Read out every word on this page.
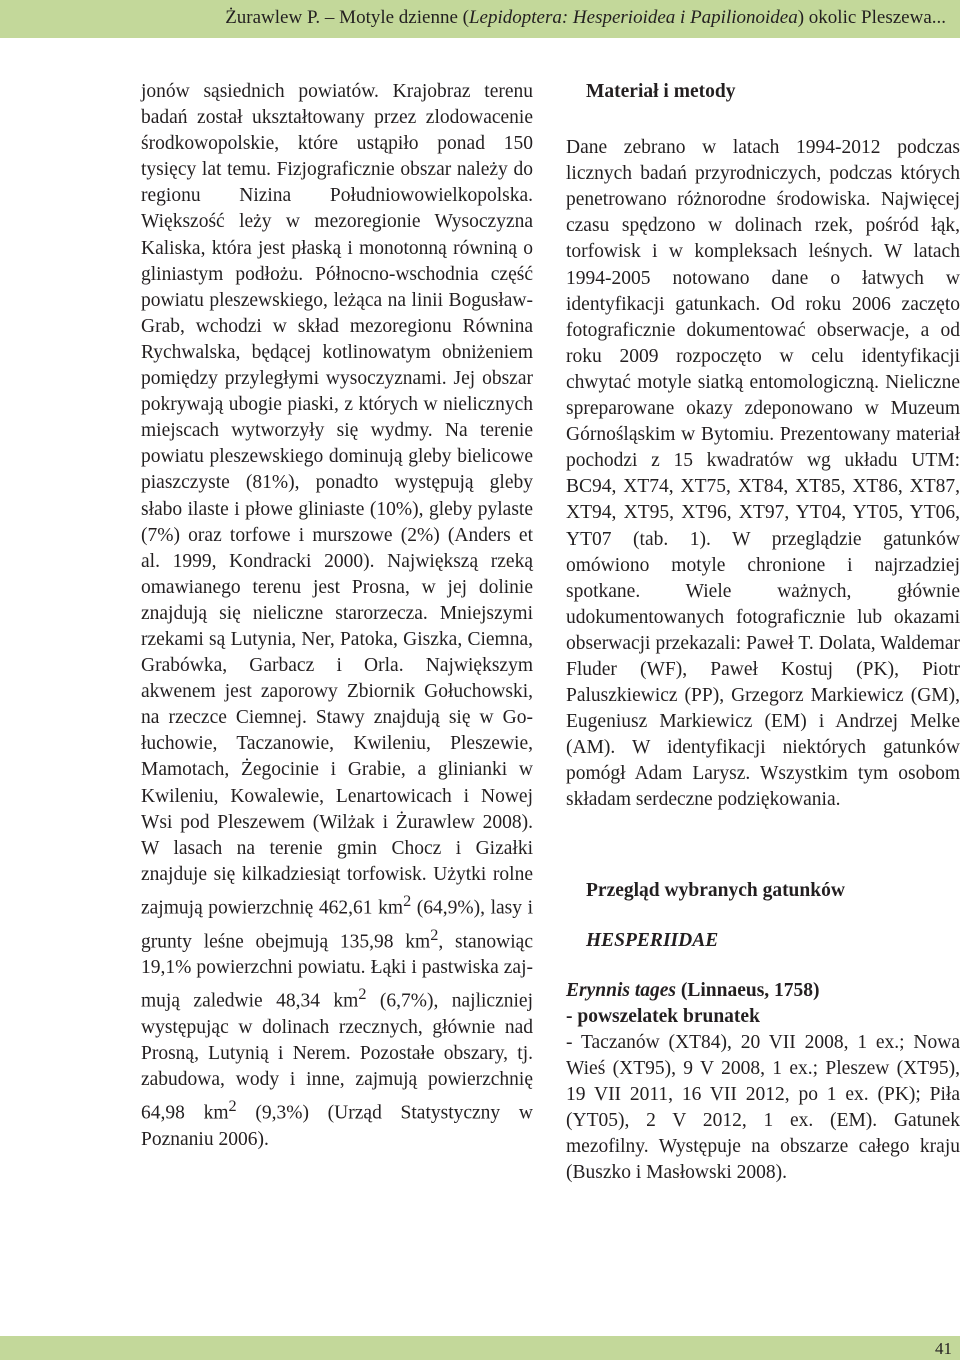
Żurawlew P. – Motyle dzienne (Lepidoptera: Hesperioidea i Papilionoidea) okolic Pleszewa...

jonów sąsiednich powiatów. Krajobraz terenu badań został ukształtowany przez zlodowacenie środkowopolskie, które ustąpiło ponad 150 tysięcy lat temu. Fizjograficznie obszar należy do regionu Nizina Południowowielkopolska. Większość leży w mezoregionie Wysoczyzna Kaliska, która jest płaską i monotonną równiną o gliniastym podłożu. Północno-wschodnia część powiatu pleszewskiego, leżąca na linii Bogusław-Grab, wchodzi w skład mezoregionu Równina Rychwalska, będącej kotlinowatym obniżeniem pomiędzy przyległymi wysoczyznami. Jej obszar pokrywają ubogie piaski, z których w nielicznych miejscach wytworzyły się wydmy. Na terenie powiatu pleszewskiego dominują gleby bielicowe piaszczyste (81%), ponadto występują gleby słabo ilaste i płowe gliniaste (10%), gleby pylaste (7%) oraz torfowe i murszowe (2%) (Anders et al. 1999, Kondracki 2000). Największą rzeką omawianego terenu jest Prosna, w jej dolinie znajdują się nieliczne starorzecza. Mniejszymi rzekami są Lutynia, Ner, Patoka, Giszka, Ciemna, Grabówka, Garbacz i Orla. Największym akwenem jest zaporowy Zbiornik Gołuchowski, na rzeczce Ciemnej. Stawy znajdują się w Gołuchowie, Taczanowie, Kwileniu, Pleszewie, Mamotach, Żegocinie i Grabie, a glinianki w Kwileniu, Kowalewie, Lenartowicach i Nowej Wsi pod Pleszewem (Wilżak i Żurawlew 2008). W lasach na terenie gmin Chocz i Gizałki znajduje się kilkadziesiąt torfowisk. Użytki rolne zajmują powierzchnię 462,61 $km^2$ (64,9%), lasy i grunty leśne obejmują 135,98 $km^2$, stanowiąc 19,1% powierzchni powiatu. Łąki i pastwiska zajmują zaledwie 48,34 $km^2$ (6,7%), najliczniej występując w dolinach rzecznych, głównie nad Prosną, Lutynią i Nerem. Pozostałe obszary, tj. zabudowa, wody i inne, zajmują powierzchnię 64,98 $km^2$ (9,3%) (Urząd Statystyczny w Poznaniu 2006).

Materiał i metody

Dane zebrano w latach 1994-2012 podczas licznych badań przyrodniczych, podczas których penetrowano różnorodne środowiska. Najwięcej czasu spędzono w dolinach rzek, pośród łąk, torfowisk i w kompleksach leśnych. W latach 1994-2005 notowano dane o łatwych w identyfikacji gatunkach. Od roku 2006 zaczęto fotograficznie dokumentować obserwacje, a od roku 2009 rozpoczęto w celu identyfikacji chwytać motyle siatką entomologiczną. Nieliczne spreparowane okazy zdeponowano w Muzeum Górnośląskim w Bytomiu. Prezentowany materiał pochodzi z 15 kwadratów wg układu UTM: BC94, XT74, XT75, XT84, XT85, XT86, XT87, XT94, XT95, XT96, XT97, YT04, YT05, YT06, YT07 (tab. 1). W przeglądzie gatunków omówiono motyle chronione i najrzadziej spotkane. Wiele ważnych, głównie udokumentowanych fotograficznie lub okazami obserwacji przekazali: Paweł T. Dolata, Waldemar Fluder (WF), Paweł Kostuj (PK), Piotr Paluszkiewicz (PP), Grzegorz Markiewicz (GM), Eugeniusz Markiewicz (EM) i Andrzej Melke (AM). W identyfikacji niektórych gatunków pomógł Adam Larysz. Wszystkim tym osobom składam serdeczne podziękowania.

Przegląd wybranych gatunków

HESPERIIDAE

Erynnis tages (Linnaeus, 1758)

- powszelatek brunatek

- Taczanów (XT84), 20 VII 2008, 1 ex.; Nowa Wieś (XT95), 9 V 2008, 1 ex.; Pleszew (XT95), 19 VII 2011, 16 VII 2012, po 1 ex. (PK); Piła (YT05), 2 V 2012, 1 ex. (EM). Gatunek mezofilny. Występuje na obszarze całego kraju (Buszko i Masłowski 2008).

41
